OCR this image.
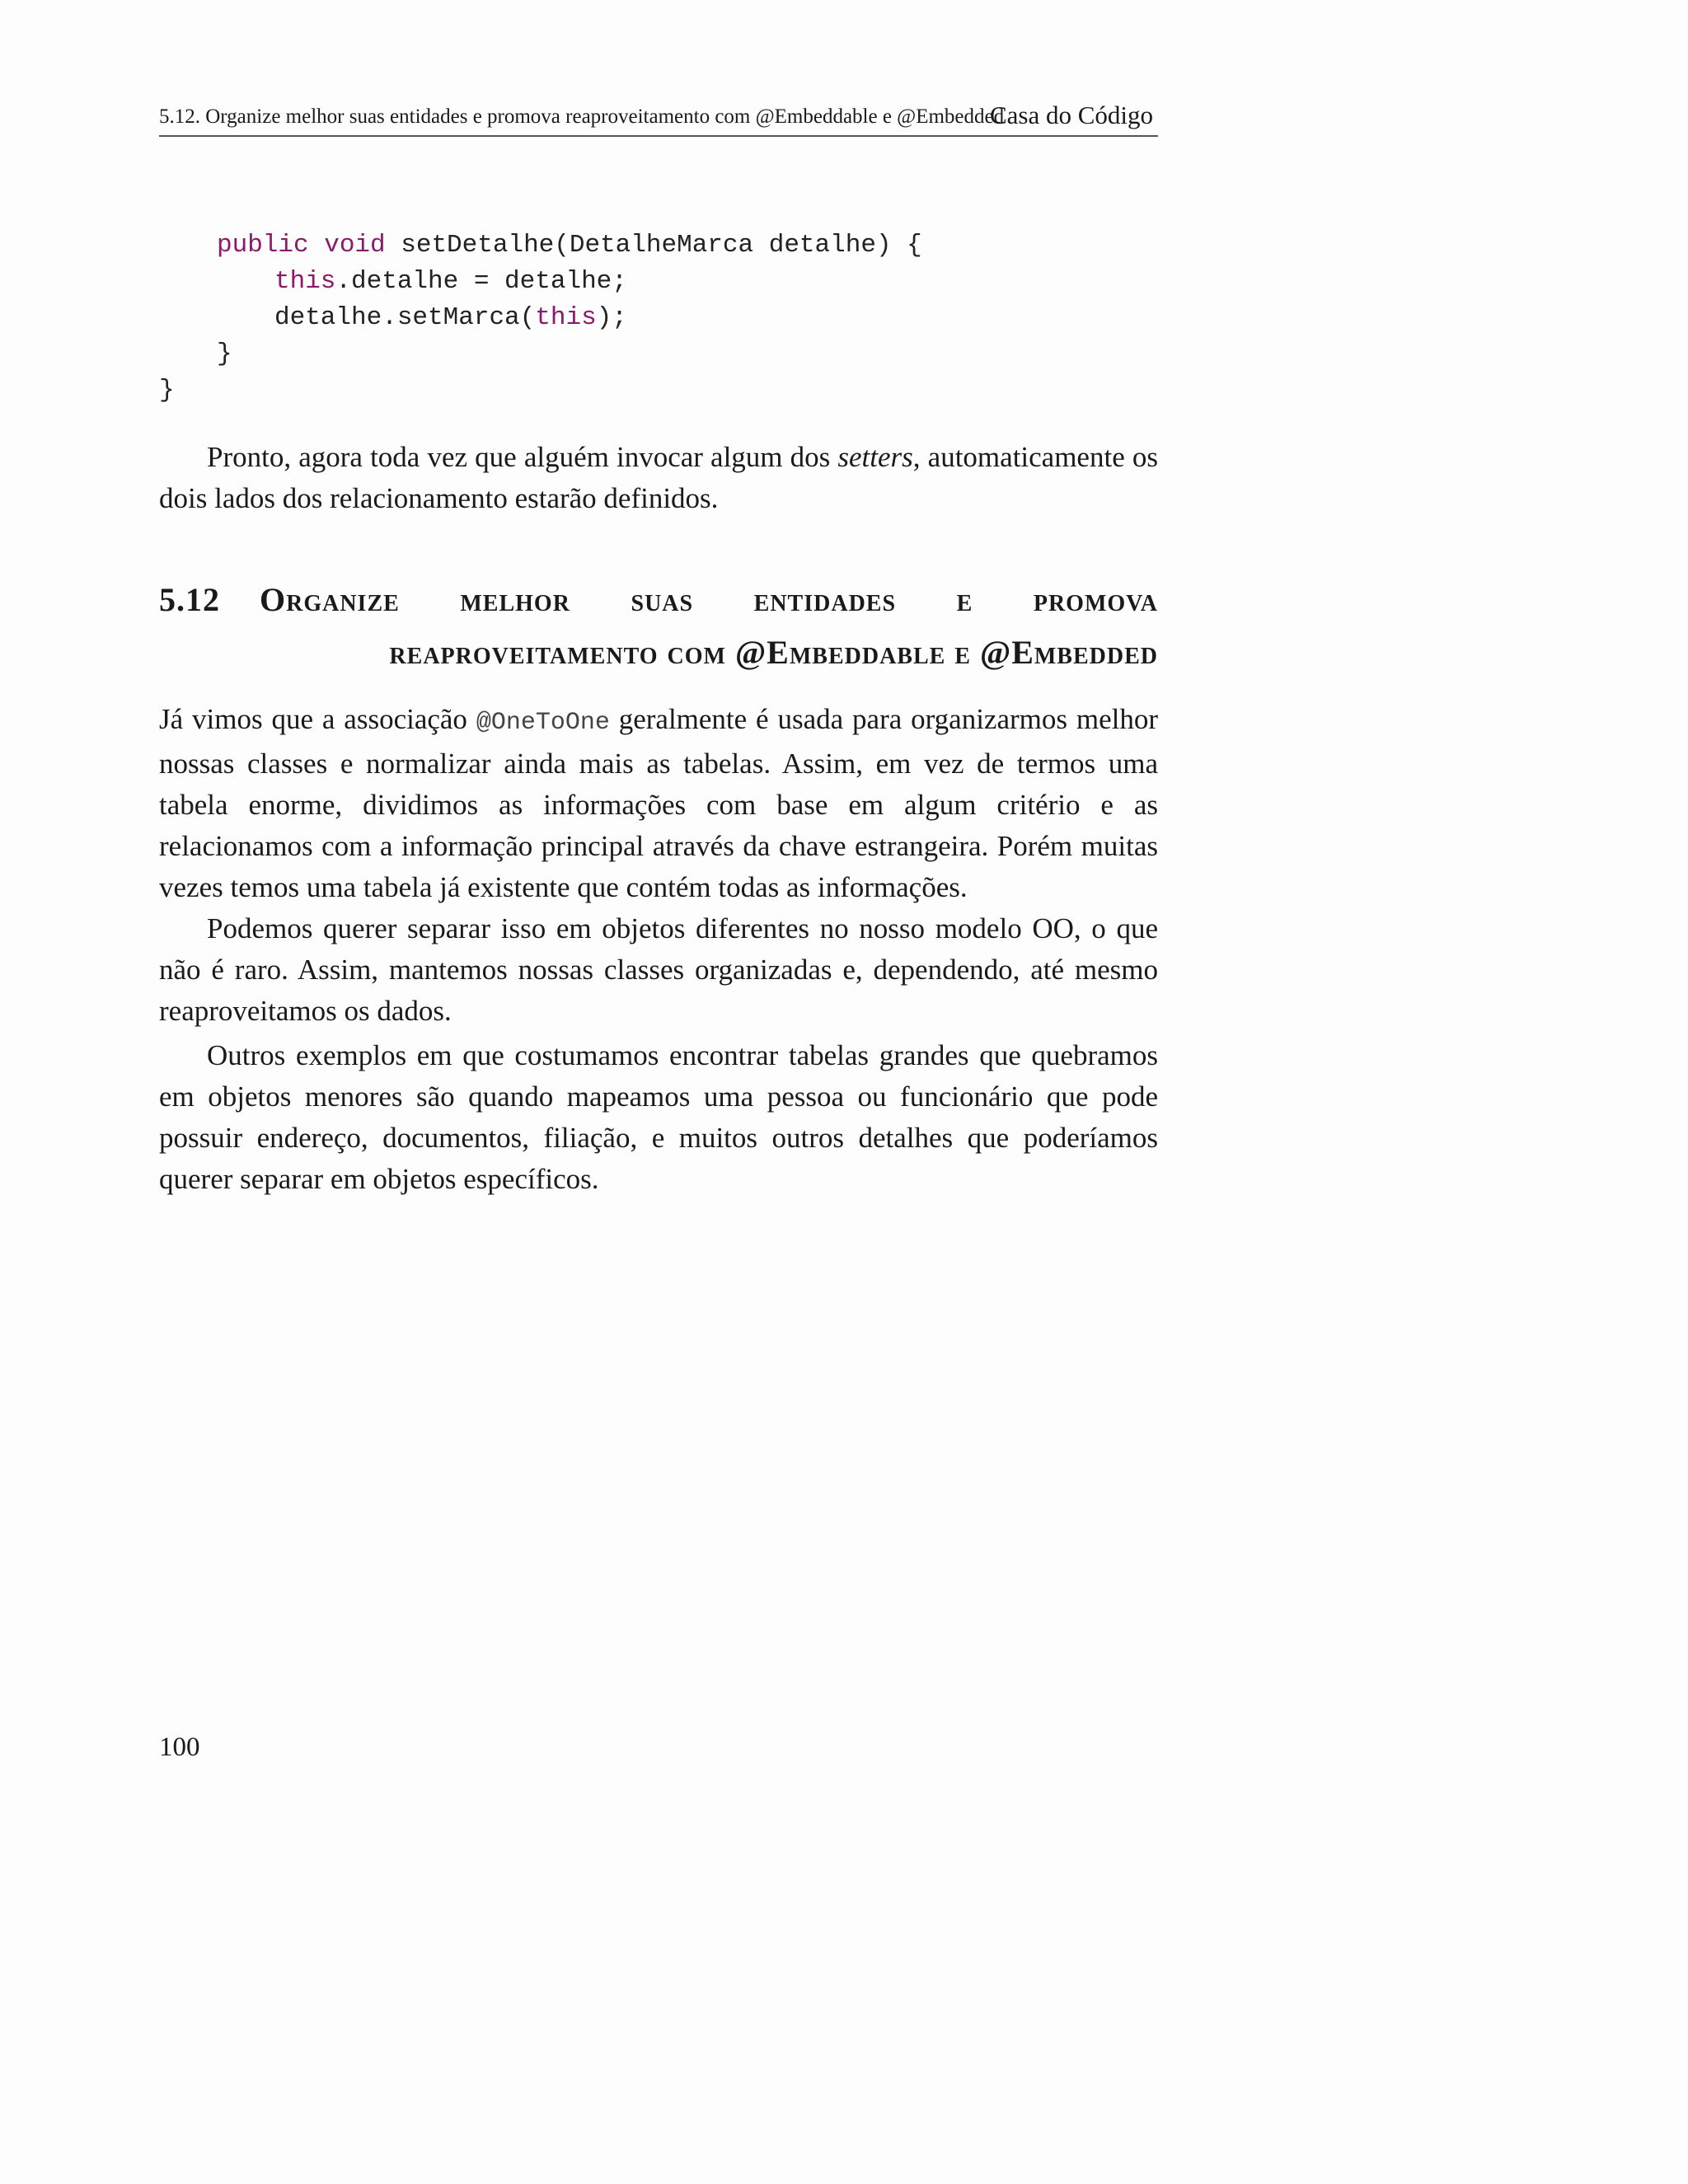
5.12. Organize melhor suas entidades e promova reaproveitamento com @Embeddable e @Embedded
Casa do Código
public void setDetalhe(DetalheMarca detalhe) {
this.detalhe = detalhe;
detalhe.setMarca(this);
}
}

Pronto, agora toda vez que alguém invocar algum dos setters, automaticamente os dois lados dos relacionamento estarão definidos.

5.12 Organize melhor suas entidades e promova reaproveitamento com @Embeddable e @Embedded

Já vimos que a associação @OneToOne geralmente é usada para organizarmos melhor nossas classes e normalizar ainda mais as tabelas. Assim, em vez de termos uma tabela enorme, dividimos as informações com base em algum critério e as relacionamos com a informação principal através da chave estrangeira. Porém muitas vezes temos uma tabela já existente que contém todas as informações.

Podemos querer separar isso em objetos diferentes no nosso modelo OO, o que não é raro. Assim, mantemos nossas classes organizadas e, dependendo, até mesmo reaproveitamos os dados.

Outros exemplos em que costumamos encontrar tabelas grandes que quebramos em objetos menores são quando mapeamos uma pessoa ou funcionário que pode possuir endereço, documentos, filiação, e muitos outros detalhes que poderíamos querer separar em objetos específicos.

100
